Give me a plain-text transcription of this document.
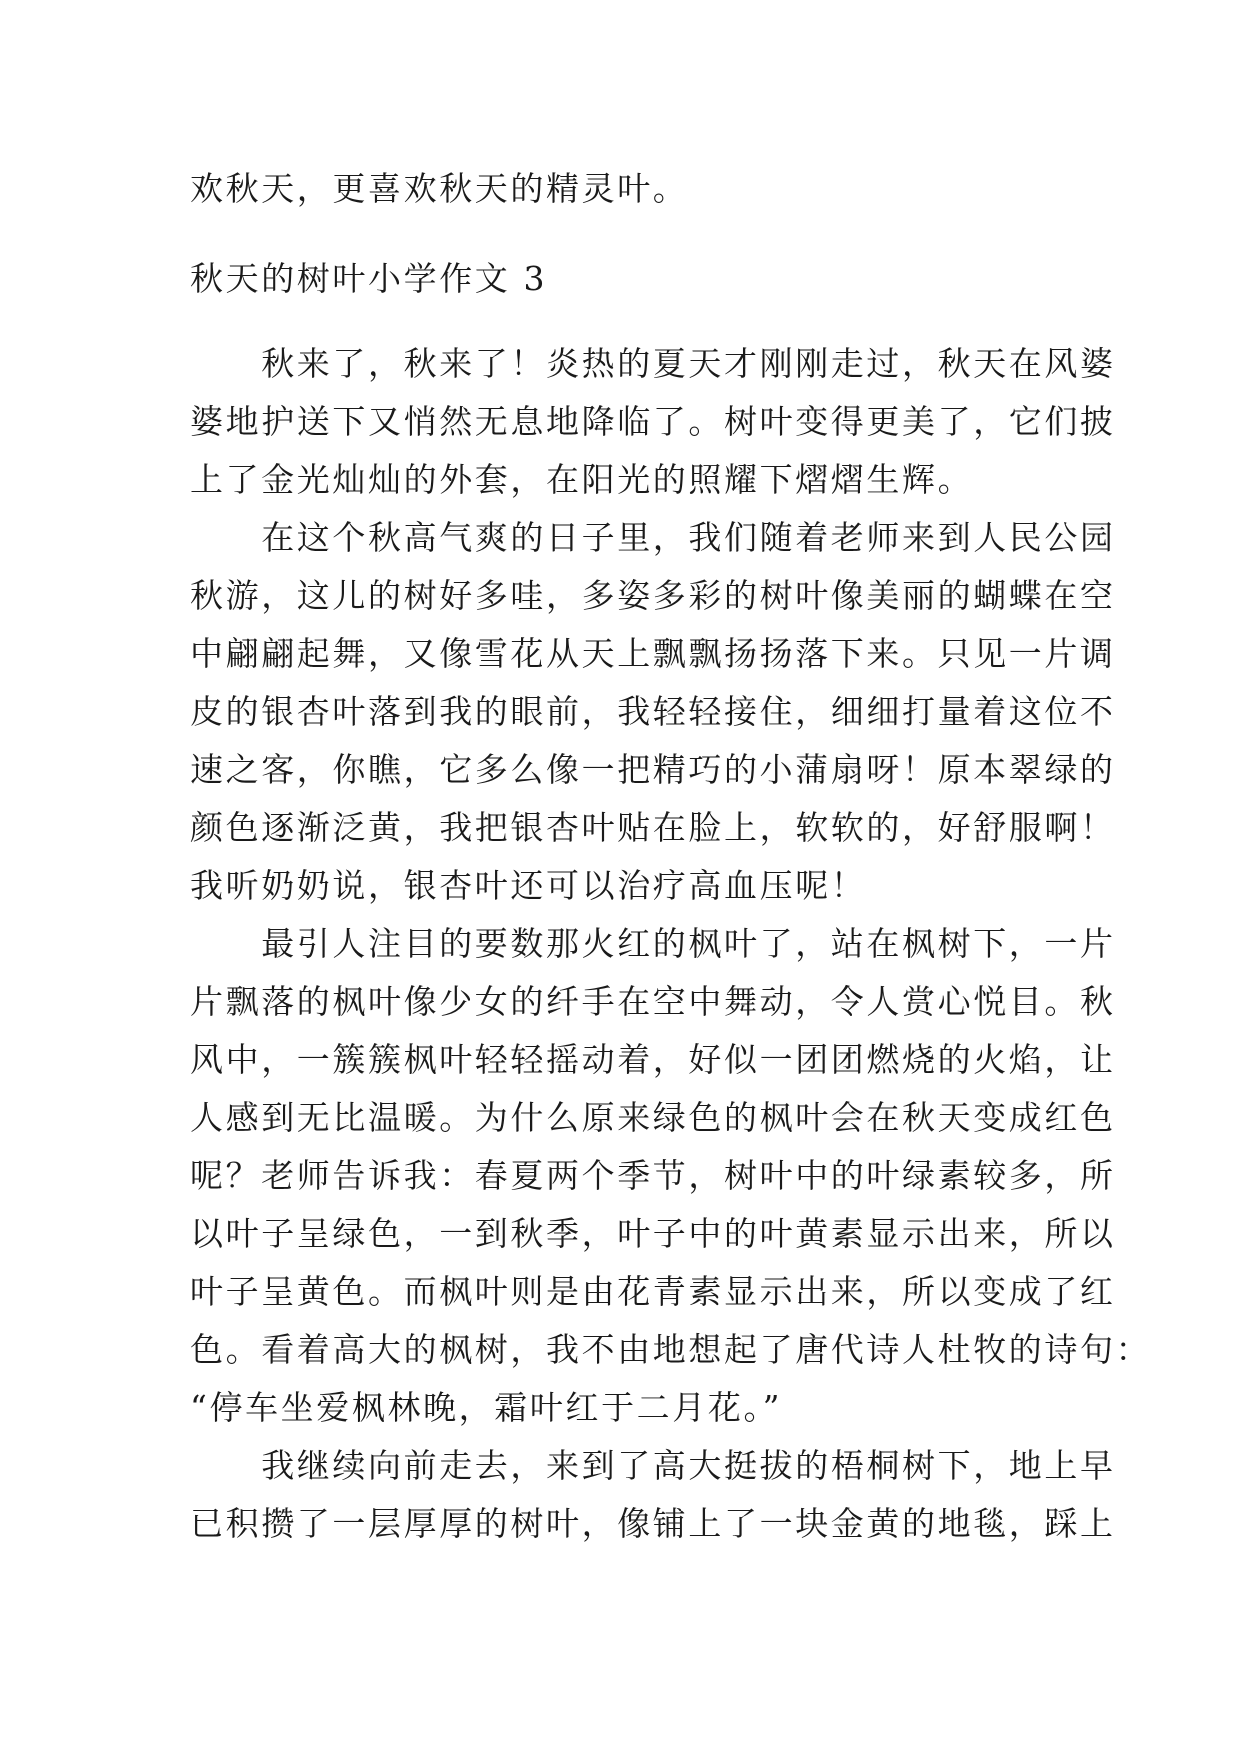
欢秋天，更喜欢秋天的精灵叶。
秋天的树叶小学作文 3
　　秋来了，秋来了！炎热的夏天才刚刚走过，秋天在风婆
婆地护送下又悄然无息地降临了。树叶变得更美了，它们披
上了金光灿灿的外套，在阳光的照耀下熠熠生辉。
　　在这个秋高气爽的日子里，我们随着老师来到人民公园
秋游，这儿的树好多哇，多姿多彩的树叶像美丽的蝴蝶在空
中翩翩起舞，又像雪花从天上飘飘扬扬落下来。只见一片调
皮的银杏叶落到我的眼前，我轻轻接住，细细打量着这位不
速之客，你瞧，它多么像一把精巧的小蒲扇呀！原本翠绿的
颜色逐渐泛黄，我把银杏叶贴在脸上，软软的，好舒服啊！
我听奶奶说，银杏叶还可以治疗高血压呢！
　　最引人注目的要数那火红的枫叶了，站在枫树下，一片
片飘落的枫叶像少女的纤手在空中舞动，令人赏心悦目。秋
风中，一簇簇枫叶轻轻摇动着，好似一团团燃烧的火焰，让
人感到无比温暖。为什么原来绿色的枫叶会在秋天变成红色
呢？老师告诉我：春夏两个季节，树叶中的叶绿素较多，所
以叶子呈绿色，一到秋季，叶子中的叶黄素显示出来，所以
叶子呈黄色。而枫叶则是由花青素显示出来，所以变成了红
色。看着高大的枫树，我不由地想起了唐代诗人杜牧的诗句：
“停车坐爱枫林晚，霜叶红于二月花。”
　　我继续向前走去，来到了高大挺拔的梧桐树下，地上早
已积攒了一层厚厚的树叶，像铺上了一块金黄的地毯，踩上
